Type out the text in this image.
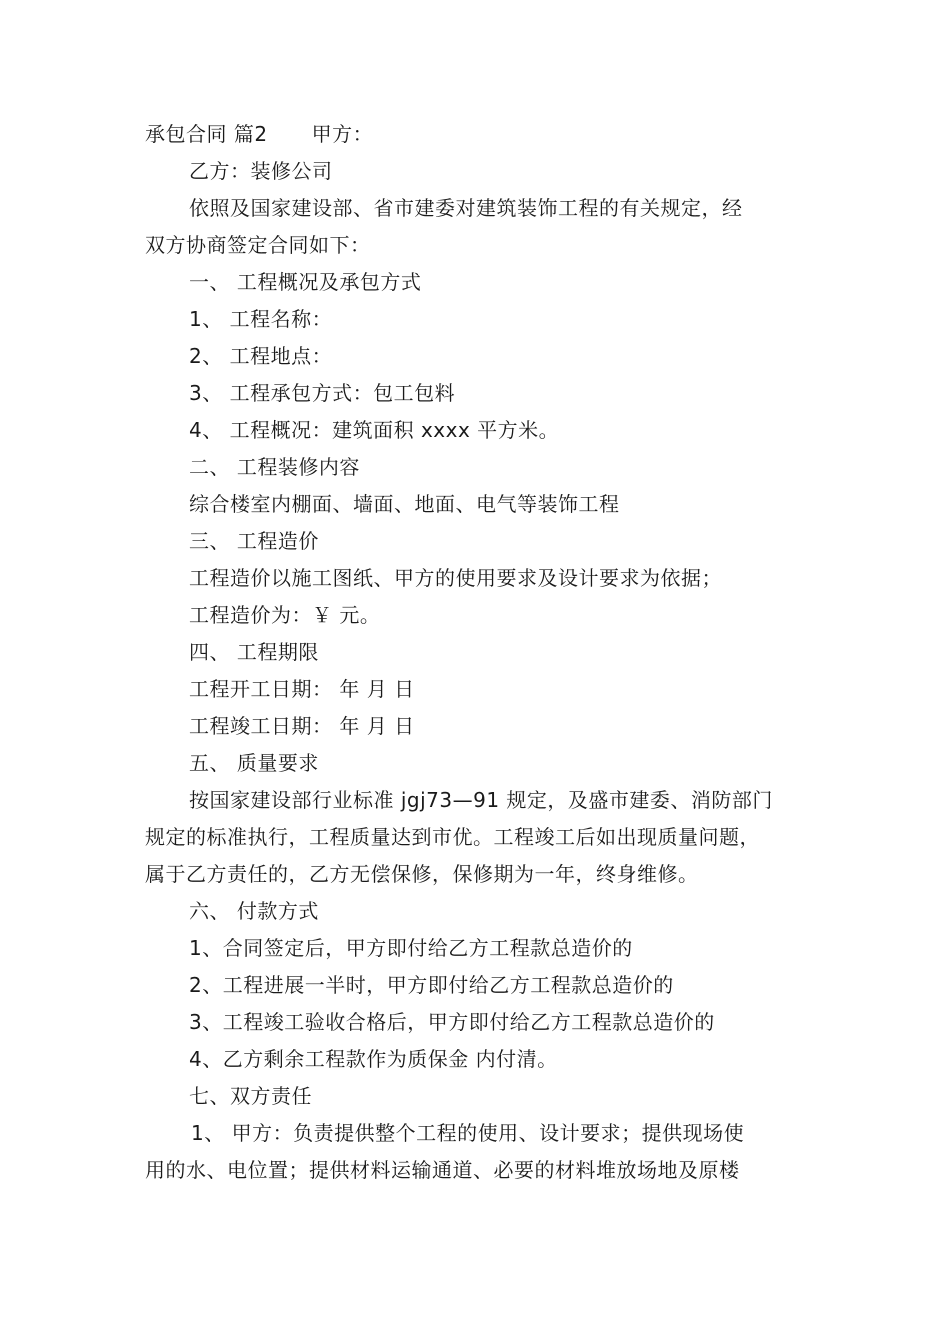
承包合同 篇2 甲方：
乙方：装修公司
依照及国家建设部、省市建委对建筑装饰工程的有关规定，经
双方协商签定合同如下：
一、 工程概况及承包方式
1、 工程名称：
2、 工程地点：
3、 工程承包方式：包工包料
4、 工程概况：建筑面积 xxxx 平方米。
二、 工程装修内容
综合楼室内棚面、墙面、地面、电气等装饰工程
三、 工程造价
工程造价以施工图纸、甲方的使用要求及设计要求为依据；
工程造价为：￥ 元。
四、 工程期限
工程开工日期： 年 月 日
工程竣工日期： 年 月 日
五、 质量要求
按国家建设部行业标准 jgj73—91 规定，及盛市建委、消防部门
规定的标准执行，工程质量达到市优。工程竣工后如出现质量问题，
属于乙方责任的，乙方无偿保修，保修期为一年，终身维修。
六、 付款方式
1、合同签定后，甲方即付给乙方工程款总造价的
2、工程进展一半时，甲方即付给乙方工程款总造价的
3、工程竣工验收合格后，甲方即付给乙方工程款总造价的
4、乙方剩余工程款作为质保金 内付清。
七、双方责任
1、 甲方：负责提供整个工程的使用、设计要求；提供现场使
用的水、电位置；提供材料运输通道、必要的材料堆放场地及原楼
